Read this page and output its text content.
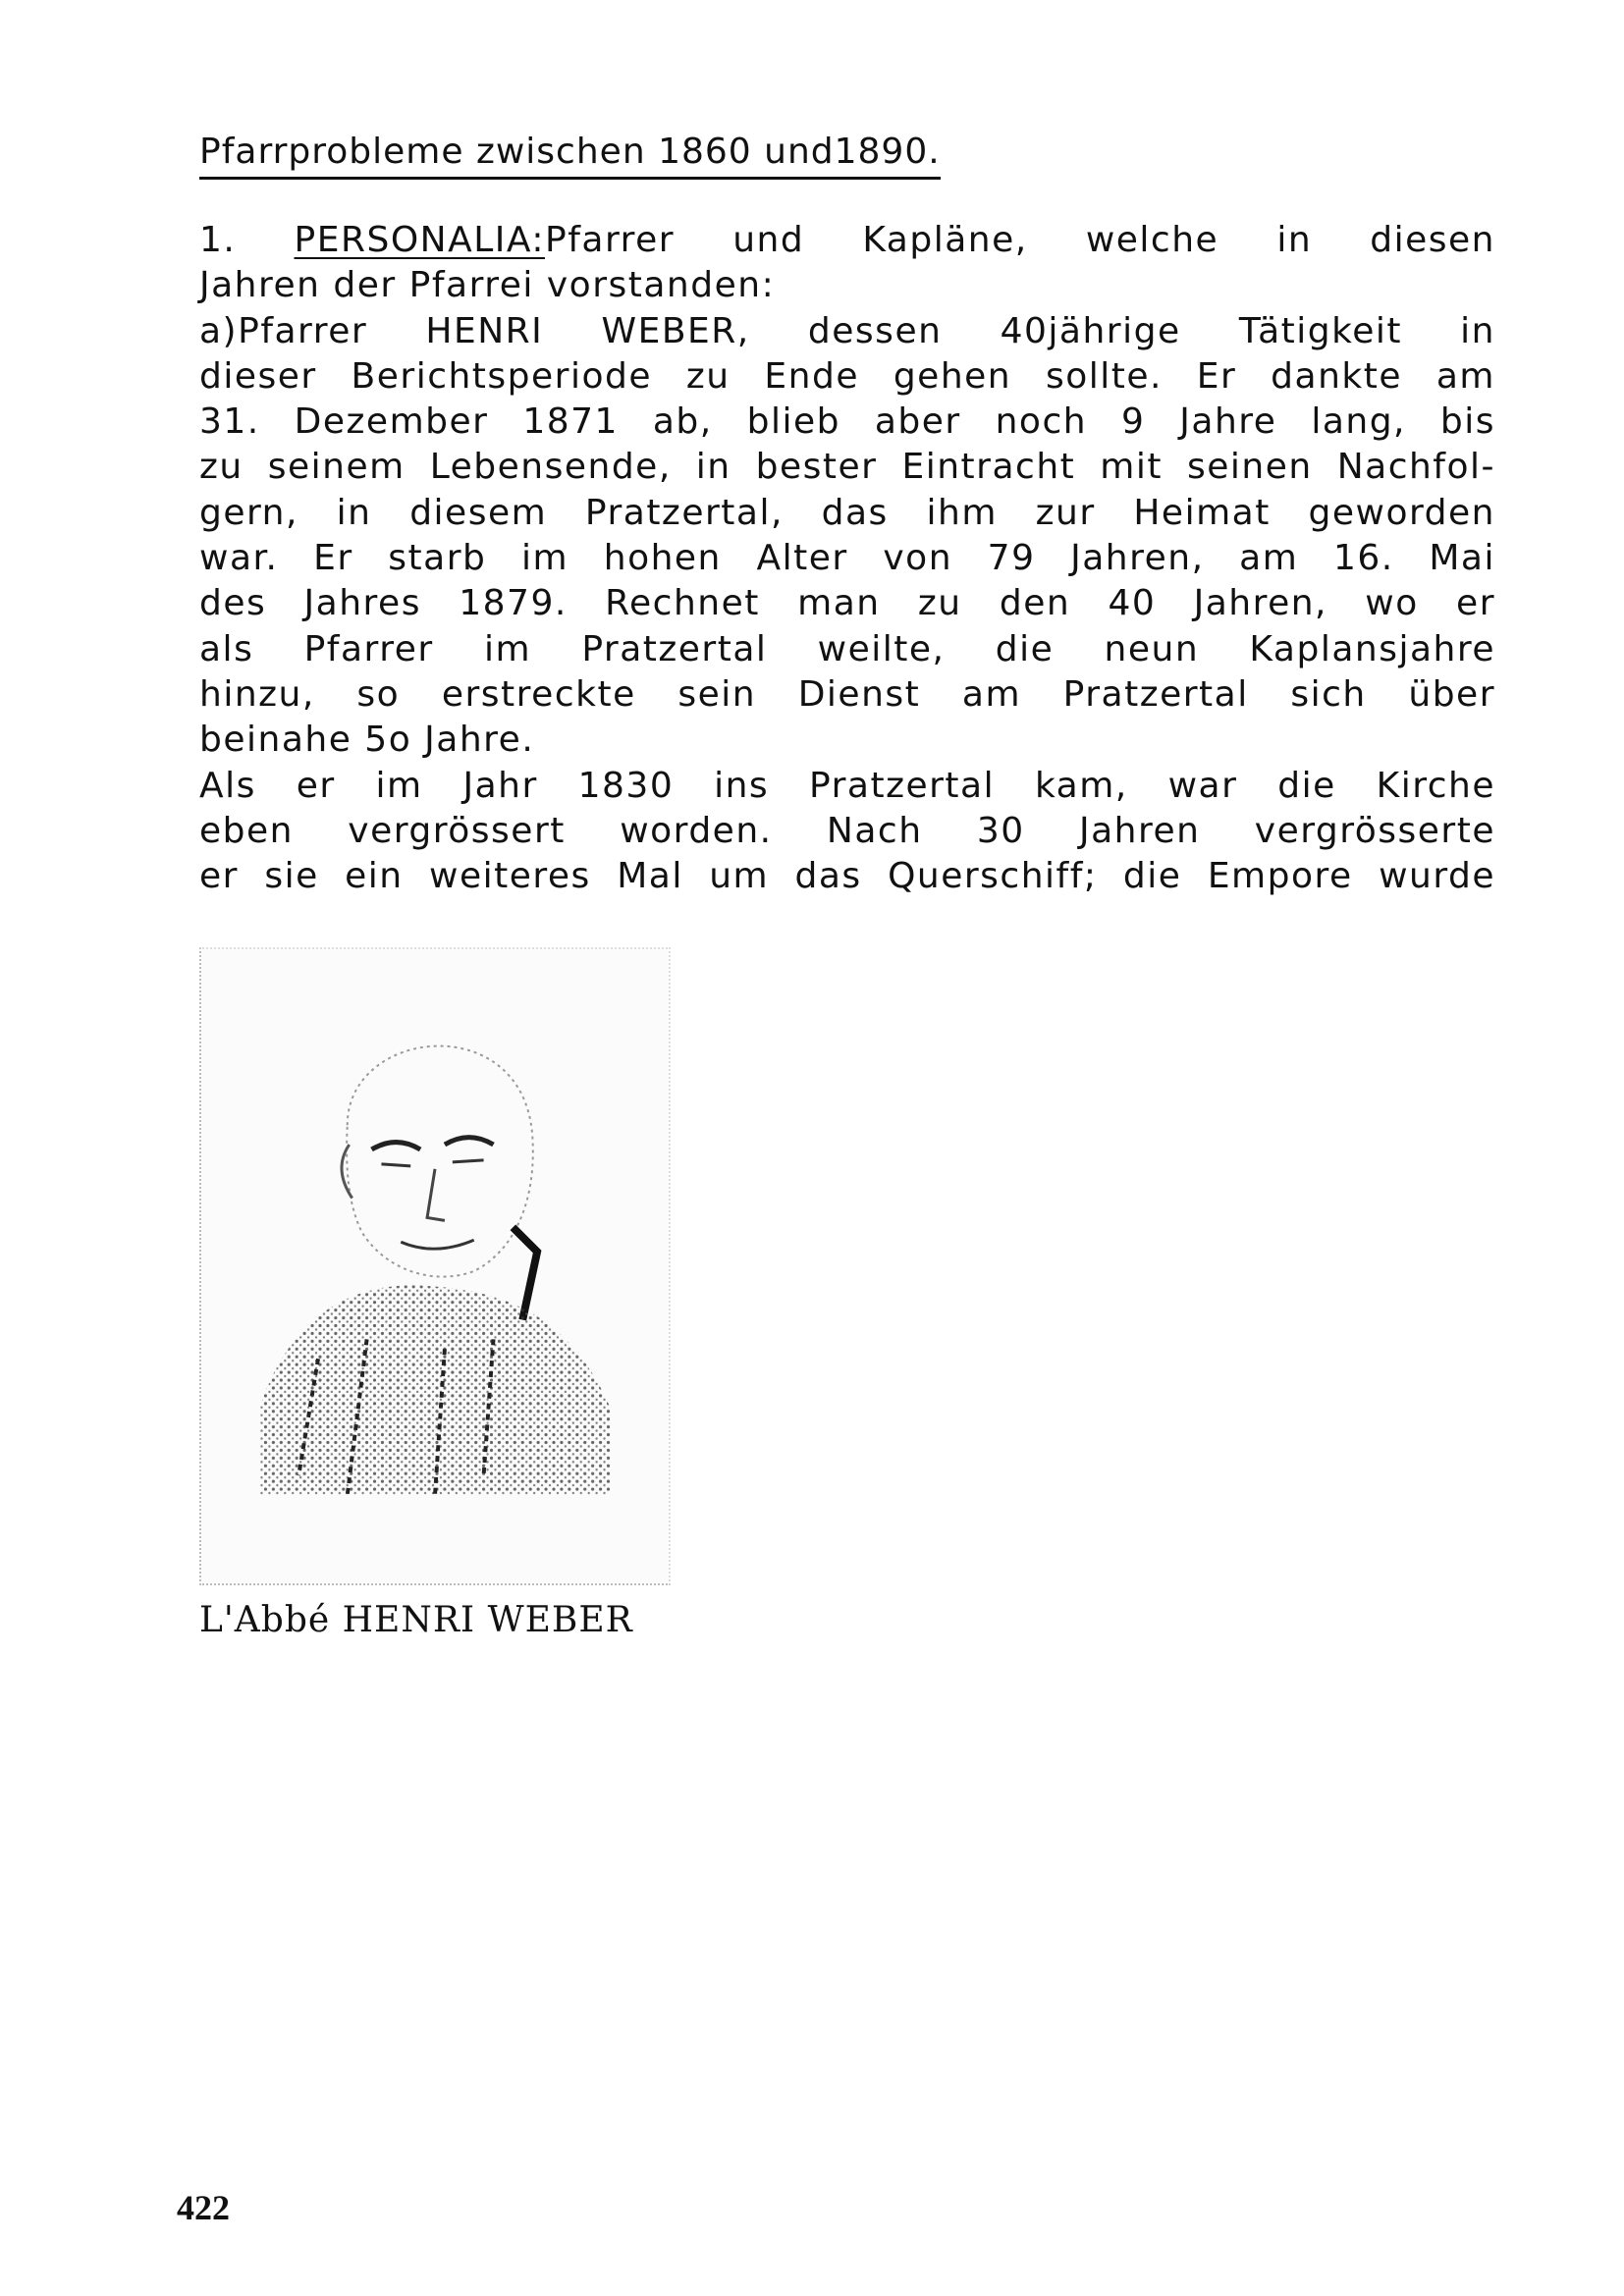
Pfarrprobleme zwischen 1860 und1890.
1. PERSONALIA:Pfarrer und Kapläne, welche in diesen
Jahren der Pfarrei vorstanden:
a)Pfarrer HENRI WEBER, dessen 40jährige Tätigkeit in
dieser Berichtsperiode zu Ende gehen sollte. Er dankte am
31. Dezember 1871 ab, blieb aber noch 9 Jahre lang, bis
zu seinem Lebensende, in bester Eintracht mit seinen Nachfol-
gern, in diesem Pratzertal, das ihm zur Heimat geworden
war. Er starb im hohen Alter von 79 Jahren, am 16. Mai
des Jahres 1879. Rechnet man zu den 40 Jahren, wo er
als Pfarrer im Pratzertal weilte, die neun Kaplansjahre
hinzu, so erstreckte sein Dienst am Pratzertal sich über
beinahe 5o Jahre.
Als er im Jahr 1830 ins Pratzertal kam, war die Kirche
eben vergrössert worden. Nach 30 Jahren vergrösserte
er sie ein weiteres Mal um das Querschiff; die Empore wurde
L'Abbé HENRI WEBER
422
